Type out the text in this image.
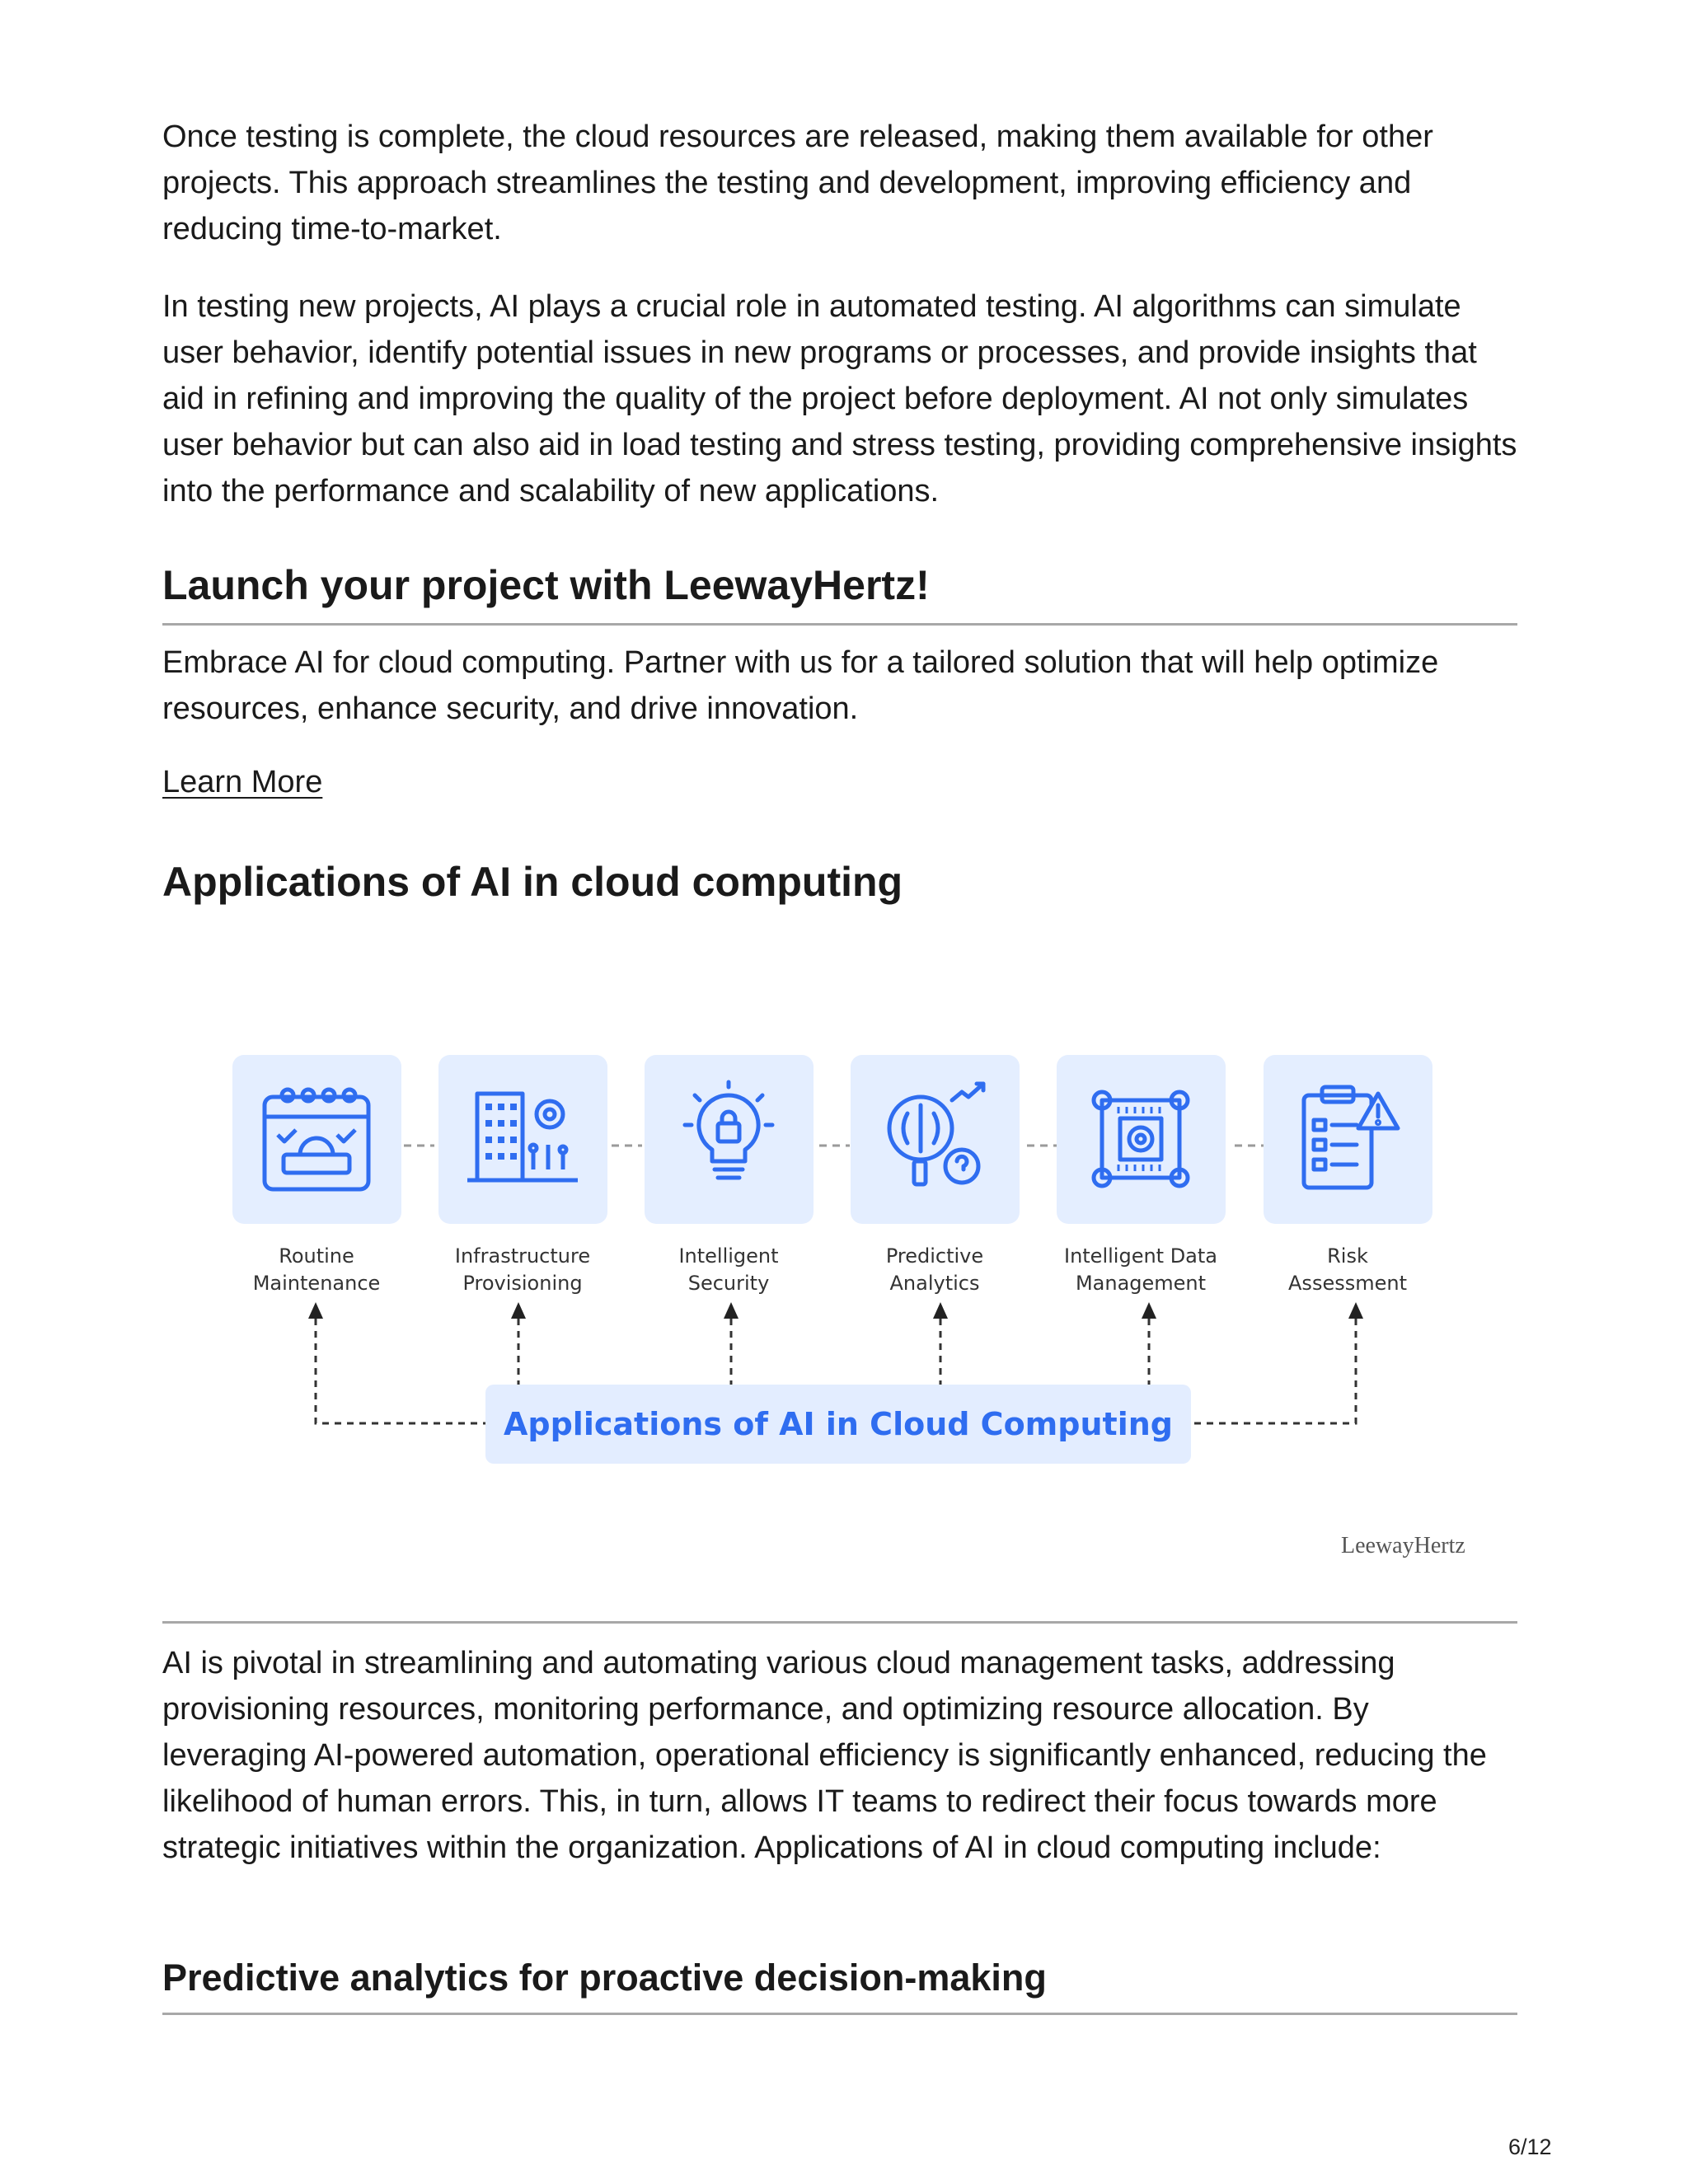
Once testing is complete, the cloud resources are released, making them available for other projects. This approach streamlines the testing and development, improving efficiency and reducing time-to-market.

In testing new projects, AI plays a crucial role in automated testing. AI algorithms can simulate user behavior, identify potential issues in new programs or processes, and provide insights that aid in refining and improving the quality of the project before deployment. AI not only simulates user behavior but can also aid in load testing and stress testing, providing comprehensive insights into the performance and scalability of new applications.

Launch your project with LeewayHertz!

Embrace AI for cloud computing. Partner with us for a tailored solution that will help optimize resources, enhance security, and drive innovation.

Learn More
Applications of AI in cloud computing
Routine
Maintenance
Infrastructure
Provisioning
Intelligent
Security
Predictive
Analytics
Intelligent Data
Management
Risk
Assessment
Applications of AI in Cloud Computing
LeewayHertz

AI is pivotal in streamlining and automating various cloud management tasks, addressing provisioning resources, monitoring performance, and optimizing resource allocation. By leveraging AI-powered automation, operational efficiency is significantly enhanced, reducing the likelihood of human errors. This, in turn, allows IT teams to redirect their focus towards more strategic initiatives within the organization. Applications of AI in cloud computing include:

Predictive analytics for proactive decision-making
6/12
